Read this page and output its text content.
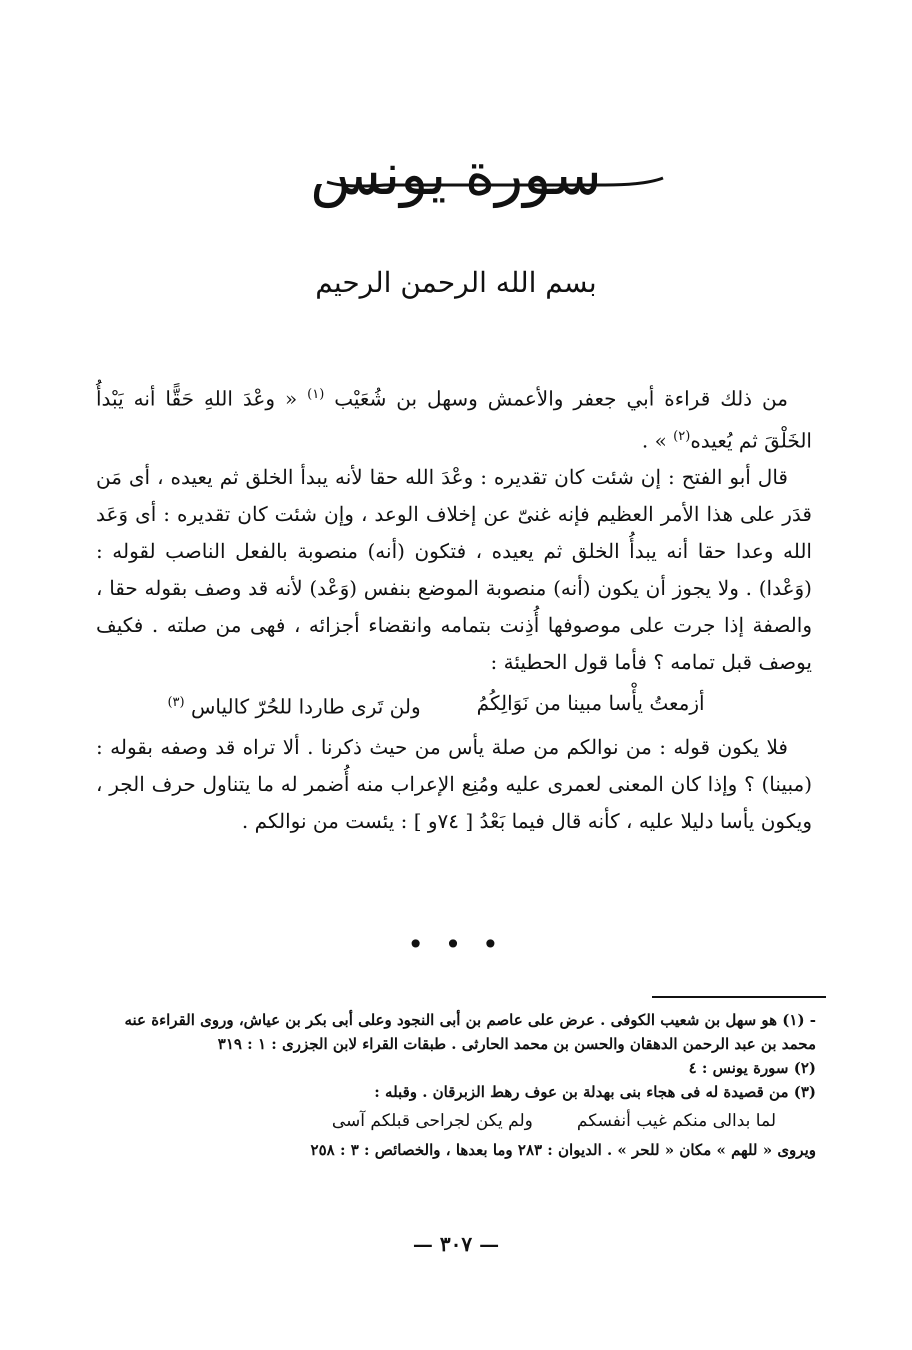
سورة يونس
بسم الله الرحمن الرحيم

من ذلك قراءة أبي جعفر والأعمش وسهل بن شُعَيْب $^{(١)}$ « وعْدَ اللهِ حَقًّا أنه يَبْدأُ الخَلْقَ ثم يُعيده$^{(٢)}$ » .

قال أبو الفتح : إن شئت كان تقديره : وعْدَ الله حقا لأنه يبدأ الخلق ثم يعيده ، أى مَن قدَر على هذا الأمر العظيم فإنه غنىّ عن إخلاف الوعد ، وإن شئت كان تقديره : أى وَعَد الله وعدا حقا أنه يبدأُ الخلق ثم يعيده ، فتكون (أنه) منصوبة بالفعل الناصب لقوله : (وَعْدا) . ولا يجوز أن يكون (أنه) منصوبة الموضع بنفس (وَعْد) لأنه قد وصف بقوله حقا ، والصفة إذا جرت على موصوفها أُذِنت بتمامه وانقضاء أجزائه ، فهى من صلته . فكيف يوصف قبل تمامه ؟ فأما قول الحطيئة :

أزمعتُ يأْسا مبينا من نَوَالِكُمُ
ولن تَرى طاردا للحُرّ كالياس $^{(٣)}$

فلا يكون قوله : من نوالكم من صلة يأس من حيث ذكرنا . ألا تراه قد وصفه بقوله : (مبينا) ؟ وإذا كان المعنى لعمرى عليه ومُنِع الإعراب منه أُضمر له ما يتناول حرف الجر ، ويكون يأسا دليلا عليه ، كأنه قال فيما بَعْدُ [ ٧٤و ] : يئست من نوالكم .

• • •

- (١) هو سهل بن شعيب الكوفى . عرض على عاصم بن أبى النجود وعلى أبى بكر بن عياش، وروى القراءة عنه محمد بن عبد الرحمن الدهقان والحسن بن محمد الحارثى . طبقات القراء لابن الجزرى : ١ : ٣١٩

(٢) سورة يونس : ٤

(٣) من قصيدة له فى هجاء بنى بهدلة بن عوف رهط الزبرقان . وقبله :

لما بدالى منكم غيب أنفسكم
ولم يكن لجراحى قبلكم آسى

ويروى « للهم » مكان « للحر » . الديوان : ٢٨٣ وما بعدها ، والخصائص : ٣ : ٢٥٨

— ٣٠٧ —
